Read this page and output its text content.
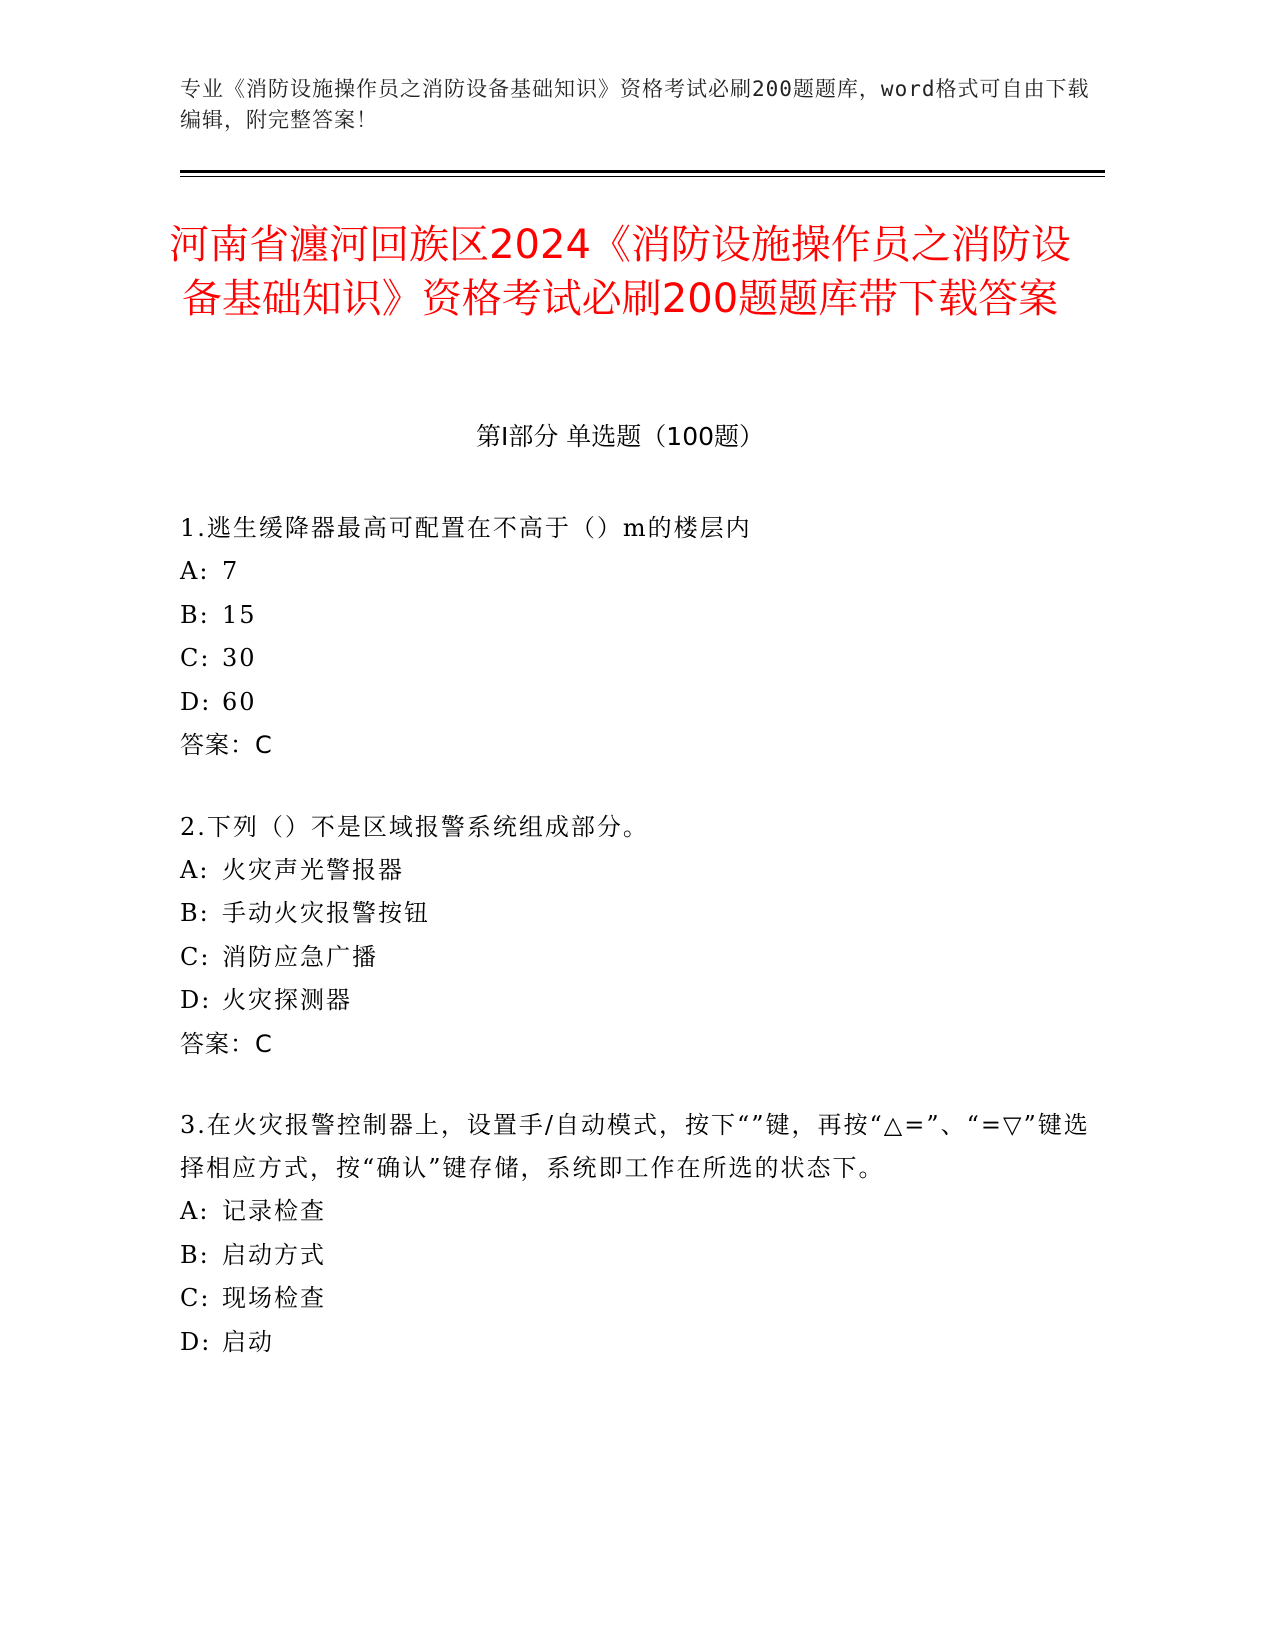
专业《消防设施操作员之消防设备基础知识》资格考试必刷200题题库，word格式可自由下载编辑，附完整答案！
河南省瀍河回族区2024《消防设施操作员之消防设备基础知识》资格考试必刷200题题库带下载答案
第Ⅰ部分 单选题（100题）

1.逃生缓降器最高可配置在不高于（）m的楼层内

A: 7
B: 15
C: 30
D: 60
答案：C

2.下列（）不是区域报警系统组成部分。

A: 火灾声光警报器
B: 手动火灾报警按钮
C: 消防应急广播
D: 火灾探测器
答案：C

3.在火灾报警控制器上，设置手/自动模式，按下“”键，再按“△=”、“=▽”键选择相应方式，按“确认”键存储，系统即工作在所选的状态下。

A: 记录检查
B: 启动方式
C: 现场检查
D: 启动
